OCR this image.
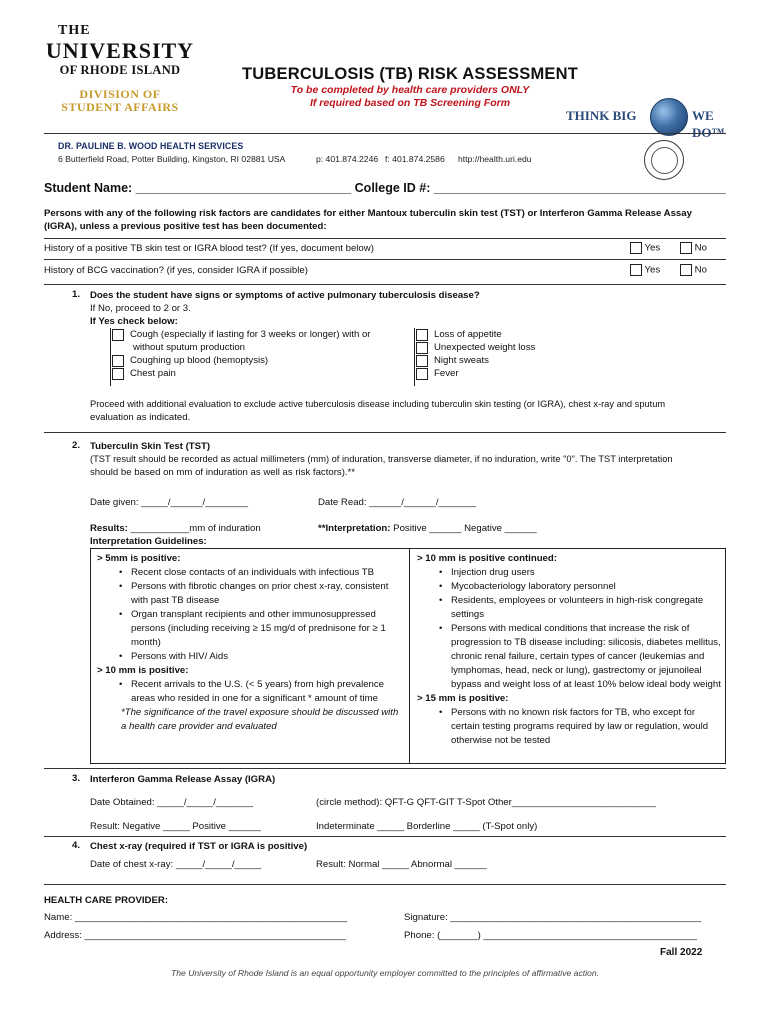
THE
UNIVERSITY
OF RHODE ISLAND
DIVISION OF
STUDENT AFFAIRS
TUBERCULOSIS (TB) RISK ASSESSMENT
To be completed by health care providers ONLY
If required based on TB Screening Form
THINK BIG	WE DO™
DR. PAULINE B. WOOD HEALTH SERVICES
6 Butterfield Road, Potter Building, Kingston, RI 02881 USA	p: 401.874.2246 f: 401.874.2586 http://health.uri.edu
Student Name: _______________________________ College ID #: __________________________________________
Persons with any of the following risk factors are candidates for either Mantoux tuberculin skin test (TST) or Interferon Gamma Release Assay (IGRA), unless a previous positive test has been documented:
History of a positive TB skin test or IGRA blood test? (If yes, document below)	Yes	No
History of BCG vaccination? (if yes, consider IGRA if possible)	Yes	No
1. Does the student have signs or symptoms of active pulmonary tuberculosis disease?
If No, proceed to 2 or 3.
If Yes check below:
Cough (especially if lasting for 3 weeks or longer) with or
without sputum production
Coughing up blood (hemoptysis)
Chest pain
Loss of appetite
Unexpected weight loss
Night sweats
Fever
Proceed with additional evaluation to exclude active tuberculosis disease including tuberculin skin testing (or IGRA), chest x-ray and sputum
evaluation as indicated.
2. Tuberculin Skin Test (TST)
(TST result should be recorded as actual millimeters (mm) of induration, transverse diameter, if no induration, write "0". The TST interpretation
should be based on mm of induration as well as risk factors).**
Date given: _____/______/________	Date Read: ______/______/_______
Results: ___________mm of induration	**Interpretation: Positive ______ Negative ______
Interpretation Guidelines:
> 5mm is positive:
• Recent close contacts of an individuals with infectious TB
• Persons with fibrotic changes on prior chest x-ray, consistent with past TB disease
• Organ transplant recipients and other immunosuppressed persons (including receiving ≥ 15 mg/d of prednisone for ≥ 1 month)
• Persons with HIV/ Aids
> 10 mm is positive:
• Recent arrivals to the U.S. (< 5 years) from high prevalence areas who resided in one for a significant * amount of time
*The significance of the travel exposure should be discussed with a health care provider and evaluated
> 10 mm is positive continued:
• Injection drug users
• Mycobacteriology laboratory personnel
• Residents, employees or volunteers in high-risk congregate settings
• Persons with medical conditions that increase the risk of progression to TB disease including: silicosis, diabetes mellitus, chronic renal failure, certain types of cancer (leukemias and lymphomas, head, neck or lung), gastrectomy or jejunoileal bypass and weight loss of at least 10% below ideal body weight
> 15 mm is positive:
• Persons with no known risk factors for TB, who except for certain testing programs required by law or regulation, would otherwise not be tested
3. Interferon Gamma Release Assay (IGRA)
Date Obtained: _____/_____/_______	(circle method): QFT-G QFT-GIT T-Spot Other___________________________
Result: Negative _____ Positive ______	Indeterminate _____ Borderline _____ (T-Spot only)
4. Chest x-ray (required if TST or IGRA is positive)
Date of chest x-ray: _____/_____/_____	Result: Normal _____ Abnormal ______
HEALTH CARE PROVIDER:
Name: ___________________________________________________	Signature: _______________________________________________
Address: _________________________________________________	Phone: (_______) ________________________________________
Fall 2022
The University of Rhode Island is an equal opportunity employer committed to the principles of affirmative action.
